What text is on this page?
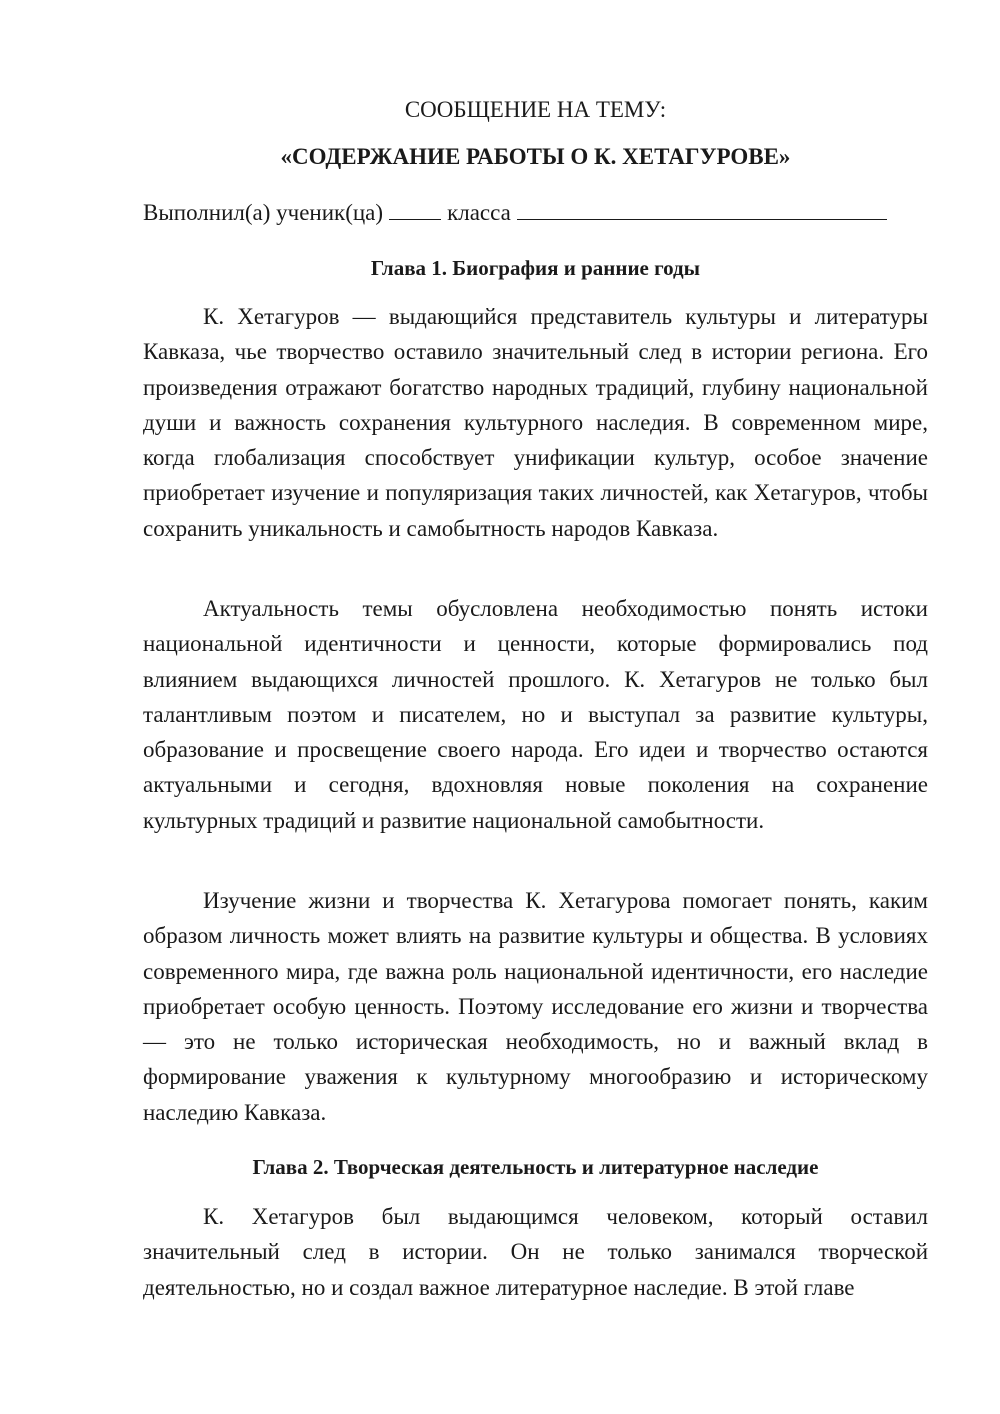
СООБЩЕНИЕ НА ТЕМУ:
«СОДЕРЖАНИЕ РАБОТЫ О К. ХЕТАГУРОВЕ»
Выполнил(а) ученик(ца)	класса
Глава 1. Биография и ранние годы

К. Хетагуров — выдающийся представитель культуры и литературы Кавказа, чье творчество оставило значительный след в истории региона. Его произведения отражают богатство народных традиций, глубину национальной души и важность сохранения культурного наследия. В современном мире, когда глобализация способствует унификации культур, особое значение приобретает изучение и популяризация таких личностей, как Хетагуров, чтобы сохранить уникальность и самобытность народов Кавказа.

Актуальность темы обусловлена необходимостью понять истоки национальной идентичности и ценности, которые формировались под влиянием выдающихся личностей прошлого. К. Хетагуров не только был талантливым поэтом и писателем, но и выступал за развитие культуры, образование и просвещение своего народа. Его идеи и творчество остаются актуальными и сегодня, вдохновляя новые поколения на сохранение культурных традиций и развитие национальной самобытности.

Изучение жизни и творчества К. Хетагурова помогает понять, каким образом личность может влиять на развитие культуры и общества. В условиях современного мира, где важна роль национальной идентичности, его наследие приобретает особую ценность. Поэтому исследование его жизни и творчества — это не только историческая необходимость, но и важный вклад в формирование уважения к культурному многообразию и историческому наследию Кавказа.

Глава 2. Творческая деятельность и литературное наследие

К. Хетагуров был выдающимся человеком, который оставил значительный след в истории. Он не только занимался творческой деятельностью, но и создал важное литературное наследие. В этой главе
